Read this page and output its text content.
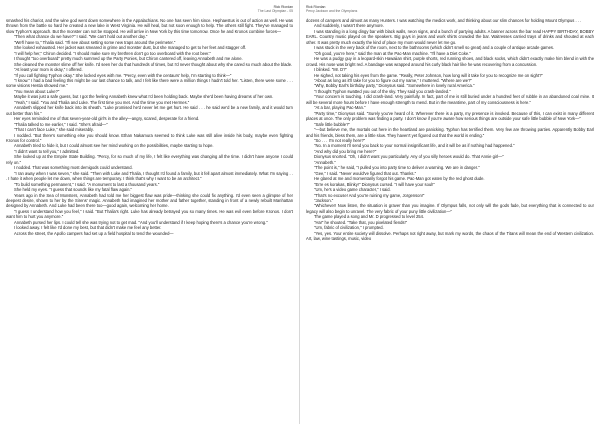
Rick Riordan
The Last Olympian - 05

smashed his chariot, and the wine god went down somewhere in the Appalachians. No one has seen him since. Hephaestus is out of action as well. He was thrown from the battle so hard he created a new lake in West Virginia. He will heal, but not soon enough to help. The others still fight. They've managed to slow Typhon's approach. But the monster can not be stopped. He will arrive in New York by this time tomorrow. Once he and Kronos combine forces—

"Then what chance do we have?" I said. "We can't hold out another day."

"We'll have to," Thalia said. "I'll see about setting some new traps around the perimeter."

She looked exhausted. Her jacket was smeared in grime and monster dust, but she managed to get to her feet and stagger off.

"I will help her," Chiron decided. "I should make sure my brethren don't go too overboard with the root beer."

I thought "too overboard" pretty much summed up the Party Ponies, but Chiron cantered off, leaving Annabeth and me alone.

She cleaned the monster slime off her knife. I'd seen her do that hundreds of times, but I'd never thought about why she cared so much about the blade.

"At least your mom is okay," I offered.

"If you call fighting Typhon okay." She locked eyes with me. "Percy, even with the centaurs' help, I'm starting to think—"

"I know." I had a bad feeling this might be our last chance to talk, and I felt like there were a million things I hadn't told her. "Listen, there were some . . . some visions Hestia showed me."

"You mean about Luke?"

Maybe it was just a safe guess, but I got the feeling Annabeth knew what I'd been holding back. Maybe she'd been having dreams of her own.

"Yeah," I said. "You and Thalia and Luke. The first time you met. And the time you met Hermes."

Annabeth slipped her knife back into its sheath. "Luke promised he'd never let me get hurt. He said . . . he said we'd be a new family, and it would turn out better than his."

Her eyes reminded me of that seven-year-old girl's in the alley—angry, scared, desperate for a friend.

"Thalia talked to me earlier," I said. "She's afraid—"

"That I can't face Luke," she said miserably.

I nodded. "But there's something else you should know. Ethan Nakamura seemed to think Luke was still alive inside his body, maybe even fighting Kronos for control."

Annabeth tried to hide it, but I could almost see her mind working on the possibilities, maybe starting to hope.

"I didn't want to tell you," I admitted.

She looked up at the Empire State Building. "Percy, for so much of my life, I felt like everything was changing all the time. I didn't have anyone I could rely on."

I nodded. That was something most demigods could understand.

"I ran away when I was seven," she said. "Then with Luke and Thalia, I thought I'd found a family, but it fell apart almost immediately. What I'm saying . . . I hate it when people let me down, when things are temporary. I think that's why I want to be an architect."

"To build something permanent," I said. "A monument to last a thousand years."

She held my eyes. "I guess that sounds like my fatal flaw again."

Years ago in the Sea of Monsters, Annabeth had told me her biggest flaw was pride—thinking she could fix anything. I'd even seen a glimpse of her deepest desire, shown to her by the Sirens' magic. Annabeth had imagined her mother and father together, standing in front of a newly rebuilt Manhattan designed by Annabeth. And Luke had been there too—good again, welcoming her home.

"I guess I understand how you feel," I said. "But Thalia's right. Luke has already betrayed you so many times. He was evil even before Kronos. I don't want him to hurt you anymore."

Annabeth pursed her lips. I could tell she was trying not to get mad. "And you'll understand if I keep hoping there's a chance you're wrong."

I looked away. I felt like I'd done my best, but that didn't make me feel any better.

Across the street, the Apollo campers had set up a field hospital to tend the wounded—

Rick Riordan
Percy Jackson and the Olympians

dozens of campers and almost as many Hunters. I was watching the medics work, and thinking about our slim chances for holding Mount Olympus . . .

And suddenly, I wasn't there anymore.

I was standing in a long dingy bar with black walls, neon signs, and a bunch of partying adults. A banner across the bar read HAPPY BIRTHDAY, BOBBY EARL. Country music played on the speakers. Big guys in jeans and work shirts crowded the bar. Waitresses carried trays of drinks and shouted at each other. It was pretty much exactly the kind of place my mom would never let me go.

I was stuck in the very back of the room, next to the bathrooms (which didn't smell so great) and a couple of antique arcade games.

"Oh good, you're here," said the man at the Pac-Man machine. "I'll have a Diet Coke."

He was a pudgy guy in a leopard-skin Hawaiian shirt, purple shorts, red running shoes, and black socks, which didn't exactly make him blend in with the crowd. His nose was bright red. A bandage was wrapped around his curly black hair like he was recovering from a concussion.

I blinked. "Mr. D?"

He sighed, not taking his eyes from the game. "Really, Peter Johnson, how long will it take for you to recognize me on sight?"

"About as long as it'll take for you to figure out my name," I muttered. "Where are we?"

"Why, Bobby Earl's birthday party," Dionysus said. "Somewhere in lovely rural America."

"I thought Typhon swatted you out of the sky. They said you crash-landed."

"Your concern is touching. I did crash-land. Very painfully. In fact, part of me is still buried under a hundred feet of rubble in an abandoned coal mine. It will be several more hours before I have enough strength to mend. But in the meantime, part of my consciousness is here."

"At a bar, playing Pac-Man."

"Party time," Dionysus said. "Surely you've heard of it. Wherever there is a party, my presence is invoked. Because of this, I can exist in many different places at once. The only problem was finding a party. I don't know if you're aware how serious things are outside your safe little bubble of New York—"

"Safe little bubble?"

"—but believe me, the mortals out here in the heartland are panicking. Typhon has terrified them. Very few are throwing parties. Apparently Bobby Earl and his friends, bless them, are a little slow. They haven't yet figured out that the world is ending."

"So . . . I'm not really here?"

"No. In a moment I'll send you back to your normal insignificant life, and it will be as if nothing had happened."

"And why did you bring me here?"

Dionysus snorted. "Oh, I didn't want you particularly. Any of you silly heroes would do. That Annie girl—"

"Annabeth."

"The point is," he said, "I pulled you into party time to deliver a warning. We are in danger."

"Gee," I said. "Never would've figured that out. Thanks."

He glared at me and momentarily forgot his game. Pac-Man got eaten by the red ghost dude.

"Erre es korakas, Blinky!" Dionysus cursed. "I will have your soul!"

"Um, he's a video game character," I said.

"That's no excuse! And you're ruining my game, Jorgenson!"

"Jackson."

"Whichever! Now listen, the situation is graver than you imagine. If Olympus falls, not only will the gods fade, but everything that is connected to our legacy will also begin to unravel. The very fabric of your puny little civilization—"

The game played a song and Mr. D progressed to level 254.

"Ha!" he shouted. "Take that, you pixelated fiends!"

"Um, fabric of civilization," I prompted.

"Yes, yes. Your entire society will dissolve. Perhaps not right away, but mark my words, the chaos of the Titans will mean the end of Western civilization. Art, law, wine tastings, music, video
